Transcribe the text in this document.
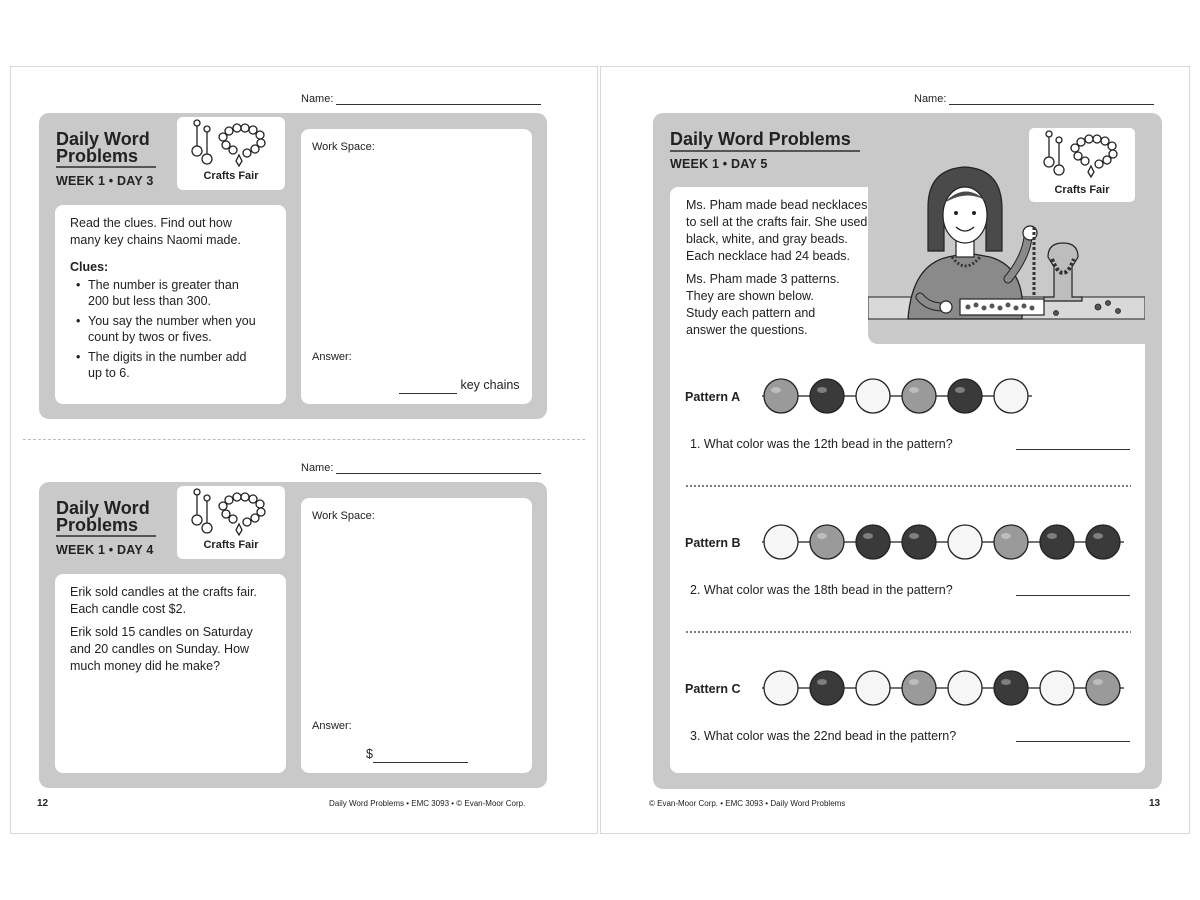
Name:
Daily Word
Problems
WEEK 1 • DAY 3	Crafts Fair
Read the clues. Find out how
many key chains Naomi made.
Clues:
• The number is greater than
200 but less than 300.
• You say the number when you
count by twos or fives.
• The digits in the number add
up to 6.
Work Space:
Answer:
key chains
Name:
Daily Word
Problems
WEEK 1 • DAY 4	Crafts Fair
Erik sold candles at the crafts fair.
Each candle cost $2.
Erik sold 15 candles on Saturday
and 20 candles on Sunday. How
much money did he make?
Work Space:
Answer:
$
12	Daily Word Problems • EMC 3093 • © Evan-Moor Corp.
Name:
Daily Word Problems
WEEK 1 • DAY 5
Ms. Pham made bead necklaces
to sell at the crafts fair. She used
black, white, and gray beads.
Each necklace had 24 beads.
Ms. Pham made 3 patterns.
They are shown below.
Study each pattern and
answer the questions.
Crafts Fair
Pattern A
1. What color was the 12th bead in the pattern?
Pattern B
2. What color was the 18th bead in the pattern?
Pattern C
3. What color was the 22nd bead in the pattern?
© Evan-Moor Corp. • EMC 3093 • Daily Word Problems	13
